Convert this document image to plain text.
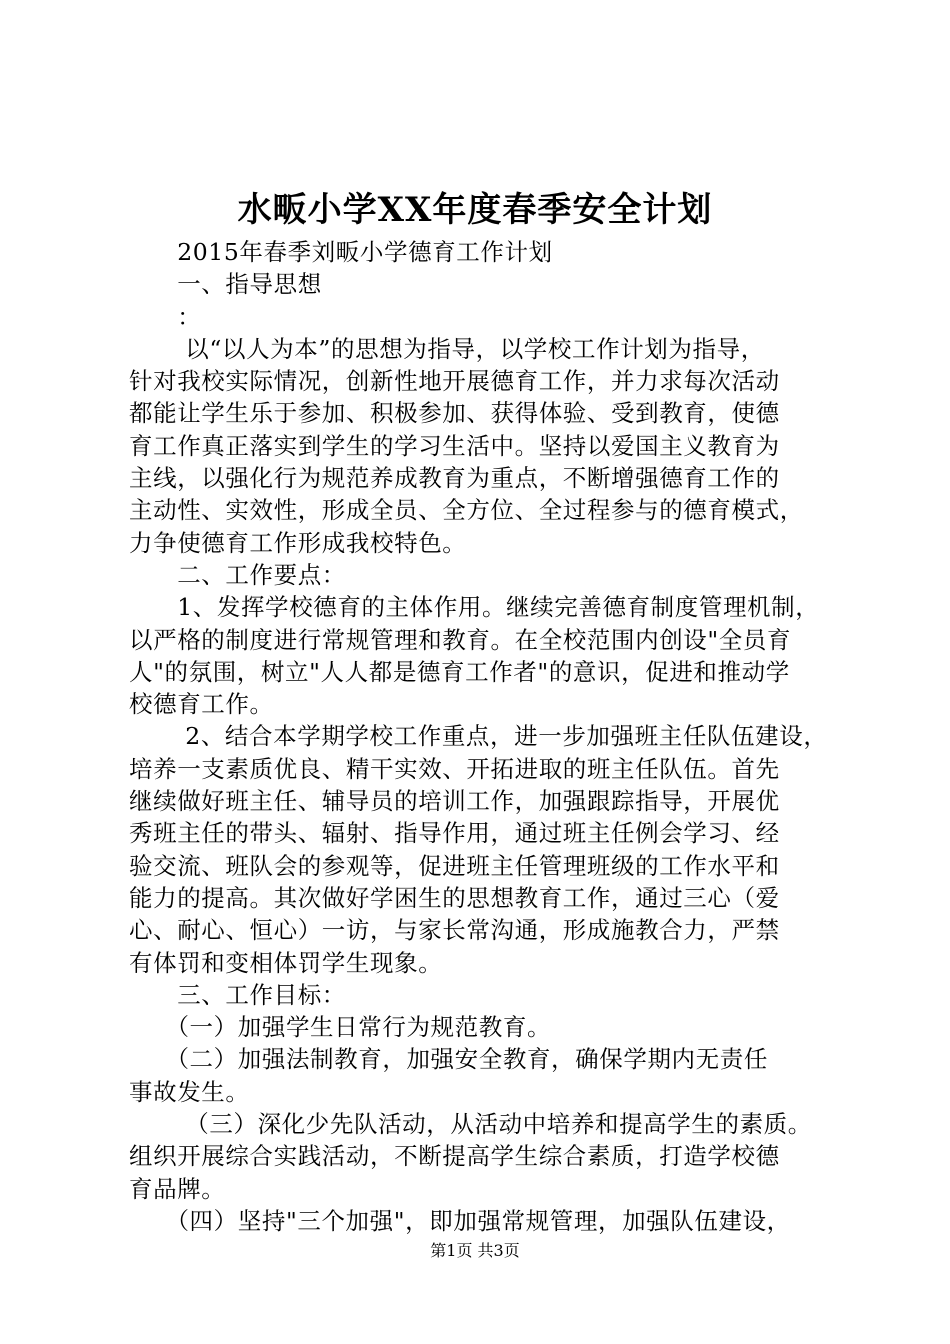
水畈小学XX年度春季安全计划

　　2015年春季刘畈小学德育工作计划

　　一、指导思想

　　：

　　 以“以人为本”的思想为指导，以学校工作计划为指导，

针对我校实际情况，创新性地开展德育工作，并力求每次活动

都能让学生乐于参加、积极参加、获得体验、受到教育，使德

育工作真正落实到学生的学习生活中。坚持以爱国主义教育为

主线，以强化行为规范养成教育为重点，不断增强德育工作的

主动性、实效性，形成全员、全方位、全过程参与的德育模式，

力争使德育工作形成我校特色。

　　二、工作要点：

　　1、发挥学校德育的主体作用。继续完善德育制度管理机制，

以严格的制度进行常规管理和教育。在全校范围内创设"全员育

人"的氛围，树立"人人都是德育工作者"的意识，促进和推动学

校德育工作。

　　 2、结合本学期学校工作重点，进一步加强班主任队伍建设，

培养一支素质优良、精干实效、开拓进取的班主任队伍。首先

继续做好班主任、辅导员的培训工作，加强跟踪指导，开展优

秀班主任的带头、辐射、指导作用，通过班主任例会学习、经

验交流、班队会的参观等，促进班主任管理班级的工作水平和

能力的提高。其次做好学困生的思想教育工作，通过三心（爱

心、耐心、恒心）一访，与家长常沟通，形成施教合力，严禁

有体罚和变相体罚学生现象。

　　三、工作目标：

　　（一）加强学生日常行为规范教育。

　　（二）加强法制教育，加强安全教育，确保学期内无责任

事故发生。

　　 （三）深化少先队活动，从活动中培养和提高学生的素质。

组织开展综合实践活动，不断提高学生综合素质，打造学校德

育品牌。

　　（四）坚持"三个加强"，即加强常规管理，加强队伍建设，

第1页 共3页
